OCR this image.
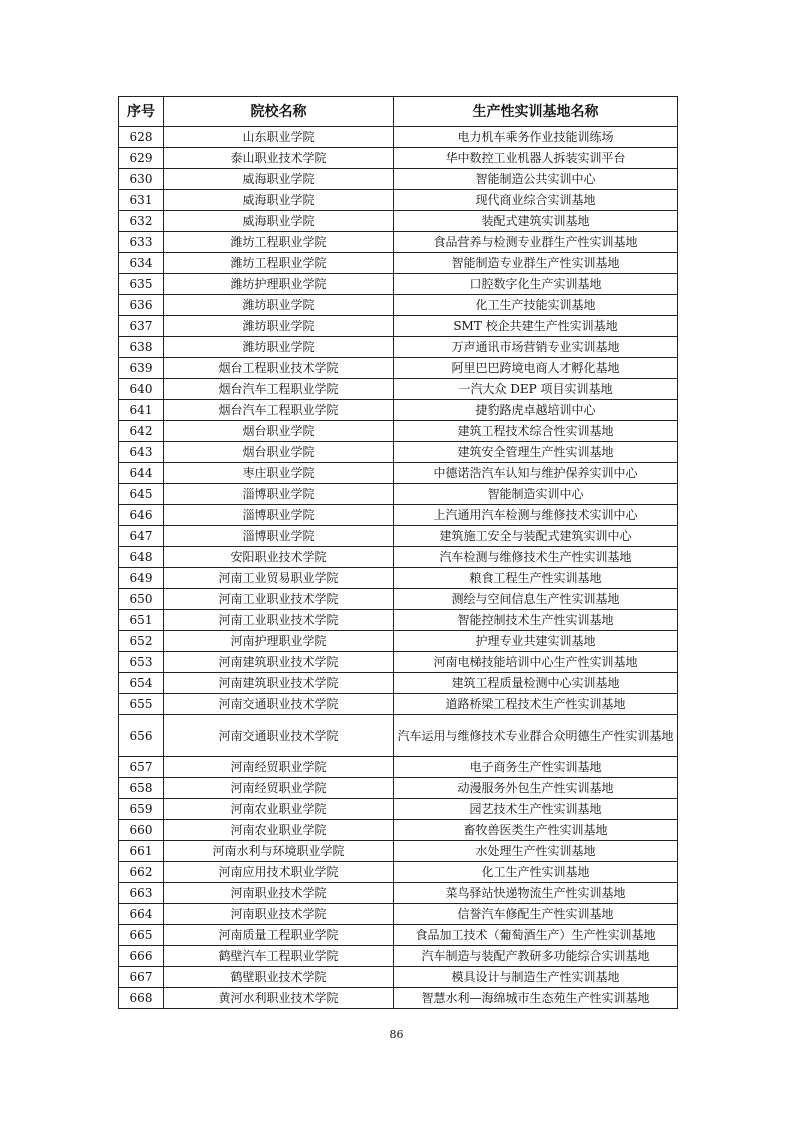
序号	院校名称	生产性实训基地名称
628	山东职业学院	电力机车乘务作业技能训练场
629	泰山职业技术学院	华中数控工业机器人拆装实训平台
630	威海职业学院	智能制造公共实训中心
631	威海职业学院	现代商业综合实训基地
632	威海职业学院	装配式建筑实训基地
633	潍坊工程职业学院	食品营养与检测专业群生产性实训基地
634	潍坊工程职业学院	智能制造专业群生产性实训基地
635	潍坊护理职业学院	口腔数字化生产实训基地
636	潍坊职业学院	化工生产技能实训基地
637	潍坊职业学院	SMT 校企共建生产性实训基地
638	潍坊职业学院	万声通讯市场营销专业实训基地
639	烟台工程职业技术学院	阿里巴巴跨境电商人才孵化基地
640	烟台汽车工程职业学院	一汽大众 DEP 项目实训基地
641	烟台汽车工程职业学院	捷豹路虎卓越培训中心
642	烟台职业学院	建筑工程技术综合性实训基地
643	烟台职业学院	建筑安全管理生产性实训基地
644	枣庄职业学院	中德诺浩汽车认知与维护保养实训中心
645	淄博职业学院	智能制造实训中心
646	淄博职业学院	上汽通用汽车检测与维修技术实训中心
647	淄博职业学院	建筑施工安全与装配式建筑实训中心
648	安阳职业技术学院	汽车检测与维修技术生产性实训基地
649	河南工业贸易职业学院	粮食工程生产性实训基地
650	河南工业职业技术学院	测绘与空间信息生产性实训基地
651	河南工业职业技术学院	智能控制技术生产性实训基地
652	河南护理职业学院	护理专业共建实训基地
653	河南建筑职业技术学院	河南电梯技能培训中心生产性实训基地
654	河南建筑职业技术学院	建筑工程质量检测中心实训基地
655	河南交通职业技术学院	道路桥梁工程技术生产性实训基地
656	河南交通职业技术学院	汽车运用与维修技术专业群合众明德生产性实训基地
657	河南经贸职业学院	电子商务生产性实训基地
658	河南经贸职业学院	动漫服务外包生产性实训基地
659	河南农业职业学院	园艺技术生产性实训基地
660	河南农业职业学院	畜牧兽医类生产性实训基地
661	河南水利与环境职业学院	水处理生产性实训基地
662	河南应用技术职业学院	化工生产性实训基地
663	河南职业技术学院	菜鸟驿站快递物流生产性实训基地
664	河南职业技术学院	信誉汽车修配生产性实训基地
665	河南质量工程职业学院	食品加工技术（葡萄酒生产）生产性实训基地
666	鹤壁汽车工程职业学院	汽车制造与装配产教研多功能综合实训基地
667	鹤壁职业技术学院	模具设计与制造生产性实训基地
668	黄河水利职业技术学院	智慧水利—海绵城市生态苑生产性实训基地
86
